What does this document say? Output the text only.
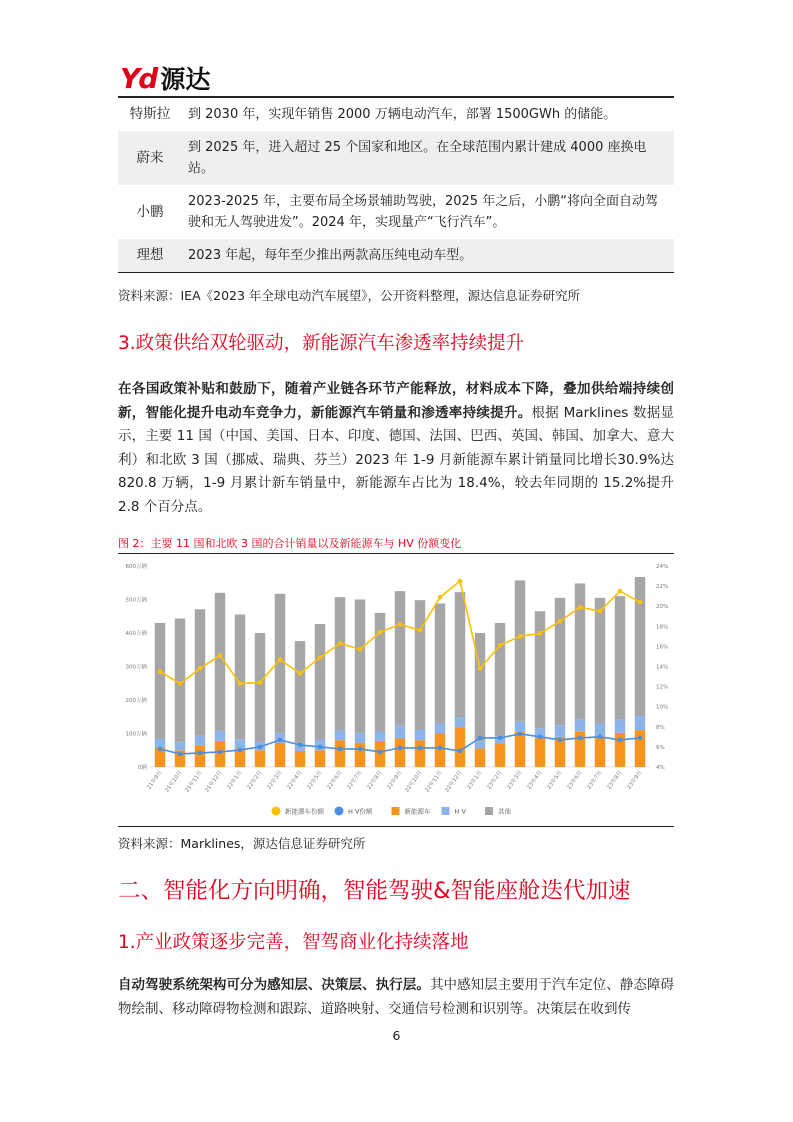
Yd 源达
特斯拉	到 2030 年，实现年销售 2000 万辆电动汽车，部署 1500GWh 的储能。
蔚来	到 2025 年，进入超过 25 个国家和地区。在全球范围内累计建成 4000 座换电站。
小鹏	2023-2025 年，主要布局全场景辅助驾驶，2025 年之后，小鹏“将向全面自动驾驶和无人驾驶进发”。2024 年，实现量产“飞行汽车”。
理想	2023 年起，每年至少推出两款高压纯电动车型。
资料来源：IEA《2023 年全球电动汽车展望》，公开资料整理，源达信息证券研究所
3.政策供给双轮驱动，新能源汽车渗透率持续提升

在各国政策补贴和鼓励下，随着产业链各环节产能释放，材料成本下降，叠加供给端持续创新，智能化提升电动车竞争力，新能源汽车销量和渗透率持续提升。根据 Marklines 数据显示，主要 11 国（中国、美国、日本、印度、德国、法国、巴西、英国、韩国、加拿大、意大利）和北欧 3 国（挪威、瑞典、芬兰）2023 年 1-9 月新能源车累计销量同比增长30.9%达 820.8 万辆，1-9 月累计新车销量中，新能源车占比为 18.4%，较去年同期的 15.2%提升 2.8 个百分点。

图 2：主要 11 国和北欧 3 国的合计销量以及新能源车与 HV 份额变化
0辆
100万辆
200万辆
300万辆
400万辆
500万辆
600万辆
4%
6%
8%
10%
12%
14%
16%
18%
20%
22%
24%
21年9月 21年10月 21年11月 21年12月 22年1月 22年2月 22年3月 22年4月 22年5月 22年6月 22年7月 22年8月 22年9月 22年10月 22年11月 22年12月 23年1月 23年2月 23年3月 23年4月 23年5月 23年6月 23年7月 23年8月 23年9月
新能源车份额	H V份额	新能源车	H V	其他
资料来源：Marklines，源达信息证券研究所
二、智能化方向明确，智能驾驶&智能座舱迭代加速
1.产业政策逐步完善，智驾商业化持续落地

自动驾驶系统架构可分为感知层、决策层、执行层。其中感知层主要用于汽车定位、静态障碍物绘制、移动障碍物检测和跟踪、道路映射、交通信号检测和识别等。决策层在收到传

6
